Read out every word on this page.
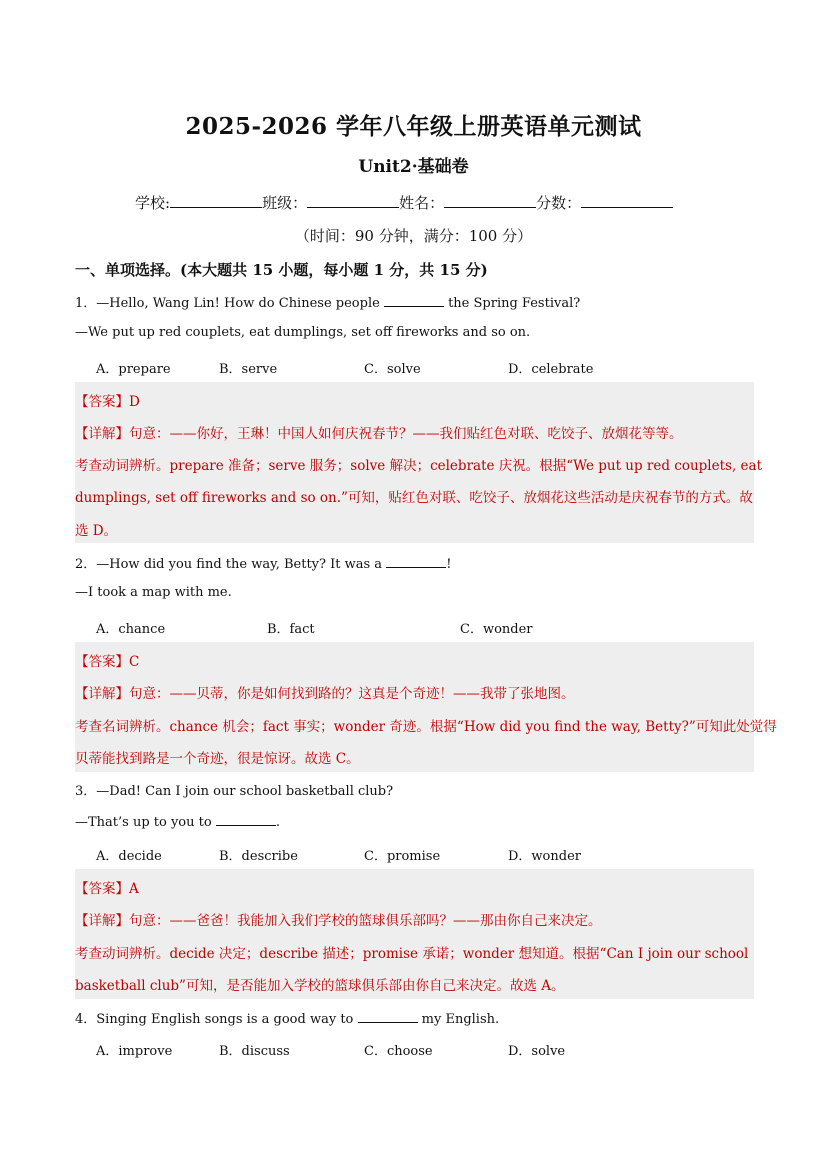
2025-2026 学年八年级上册英语单元测试
Unit2·基础卷
学校:	班级：	姓名：	分数：
（时间：90 分钟，满分：100 分）
一、单项选择。(本大题共 15 小题，每小题 1 分，共 15 分)
1．—Hello, Wang Lin! How do Chinese people	the Spring Festival?
—We put up red couplets, eat dumplings, set off fireworks and so on.
A．prepare	B．serve	C．solve	D．celebrate
【答案】D
【详解】句意：——你好，王琳！中国人如何庆祝春节？——我们贴红色对联、吃饺子、放烟花等等。
考查动词辨析。prepare 准备；serve 服务；solve 解决；celebrate 庆祝。根据“We put up red couplets, eat
dumplings, set off fireworks and so on.”可知，贴红色对联、吃饺子、放烟花这些活动是庆祝春节的方式。故
选 D。
2．—How did you find the way, Betty? It was a	!
—I took a map with me.
A．chance	B．fact	C．wonder
【答案】C
【详解】句意：——贝蒂，你是如何找到路的？这真是个奇迹！——我带了张地图。
考查名词辨析。chance 机会；fact 事实；wonder 奇迹。根据“How did you find the way, Betty?”可知此处觉得
贝蒂能找到路是一个奇迹，很是惊讶。故选 C。
3．—Dad! Can I join our school basketball club?
—That’s up to you to	.
A．decide	B．describe	C．promise	D．wonder
【答案】A
【详解】句意：——爸爸！我能加入我们学校的篮球俱乐部吗？——那由你自己来决定。
考查动词辨析。decide 决定；describe 描述；promise 承诺；wonder 想知道。根据“Can I join our school
basketball club”可知，是否能加入学校的篮球俱乐部由你自己来决定。故选 A。
4．Singing English songs is a good way to	my English.
A．improve	B．discuss	C．choose	D．solve
